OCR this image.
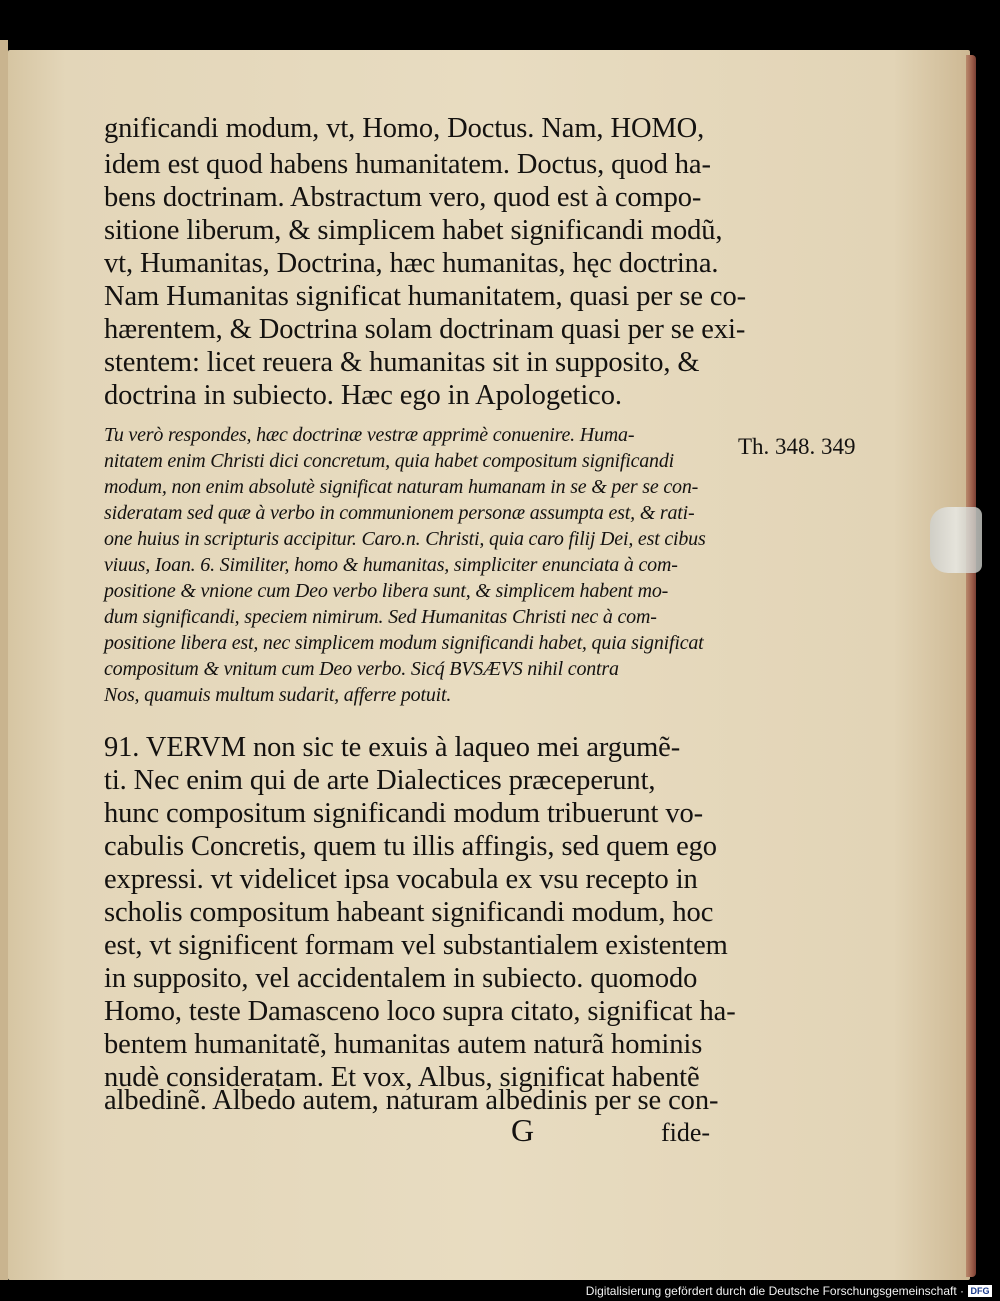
gnificandi modum, vt, Homo, Doctus. Nam, HOMO,
idem est quod habens humanitatem. Doctus, quod ha-
bens doctrinam. Abstractum vero, quod est à compo-
sitione liberum, & simplicem habet significandi modũ,
vt, Humanitas, Doctrina, hæc humanitas, hęc doctrina.
Nam Humanitas significat humanitatem, quasi per se co-
hærentem, & Doctrina solam doctrinam quasi per se exi-
stentem: licet reuera & humanitas sit in supposito, &
doctrina in subiecto. Hæc ego in Apologetico.
Tu verò respondes, hæc doctrinæ vestræ apprimè conuenire. Huma-
nitatem enim Christi dici concretum, quia habet compositum significandi
modum, non enim absolutè significat naturam humanam in se & per se con-
sideratam sed quæ à verbo in communionem personæ assumpta est, & rati-
one huius in scripturis accipitur. Caro.n. Christi, quia caro filij Dei, est cibus
viuus, Ioan. 6. Similiter, homo & humanitas, simpliciter enunciata à com-
positione & vnione cum Deo verbo libera sunt, & simplicem habent mo-
dum significandi, speciem nimirum. Sed Humanitas Christi nec à com-
positione libera est, nec simplicem modum significandi habet, quia significat
compositum & vnitum cum Deo verbo. Sicq́ BVSÆVS nihil contra
Nos, quamuis multum sudarit, afferre potuit.
Th. 348. 349
91. VERVM non sic te exuis à laqueo mei argumẽ-
ti. Nec enim qui de arte Dialectices præceperunt,
hunc compositum significandi modum tribuerunt vo-
cabulis Concretis, quem tu illis affingis, sed quem ego
expressi. vt videlicet ipsa vocabula ex vsu recepto in
scholis compositum habeant significandi modum, hoc
est, vt significent formam vel substantialem existentem
in supposito, vel accidentalem in subiecto. quomodo
Homo, teste Damasceno loco supra citato, significat ha-
bentem humanitatẽ, humanitas autem naturã hominis
nudè consideratam. Et vox, Albus, significat habentẽ
albedinẽ. Albedo autem, naturam albedinis per se con-
G	fide-
Digitalisierung gefördert durch die Deutsche Forschungsgemeinschaft · DFG
